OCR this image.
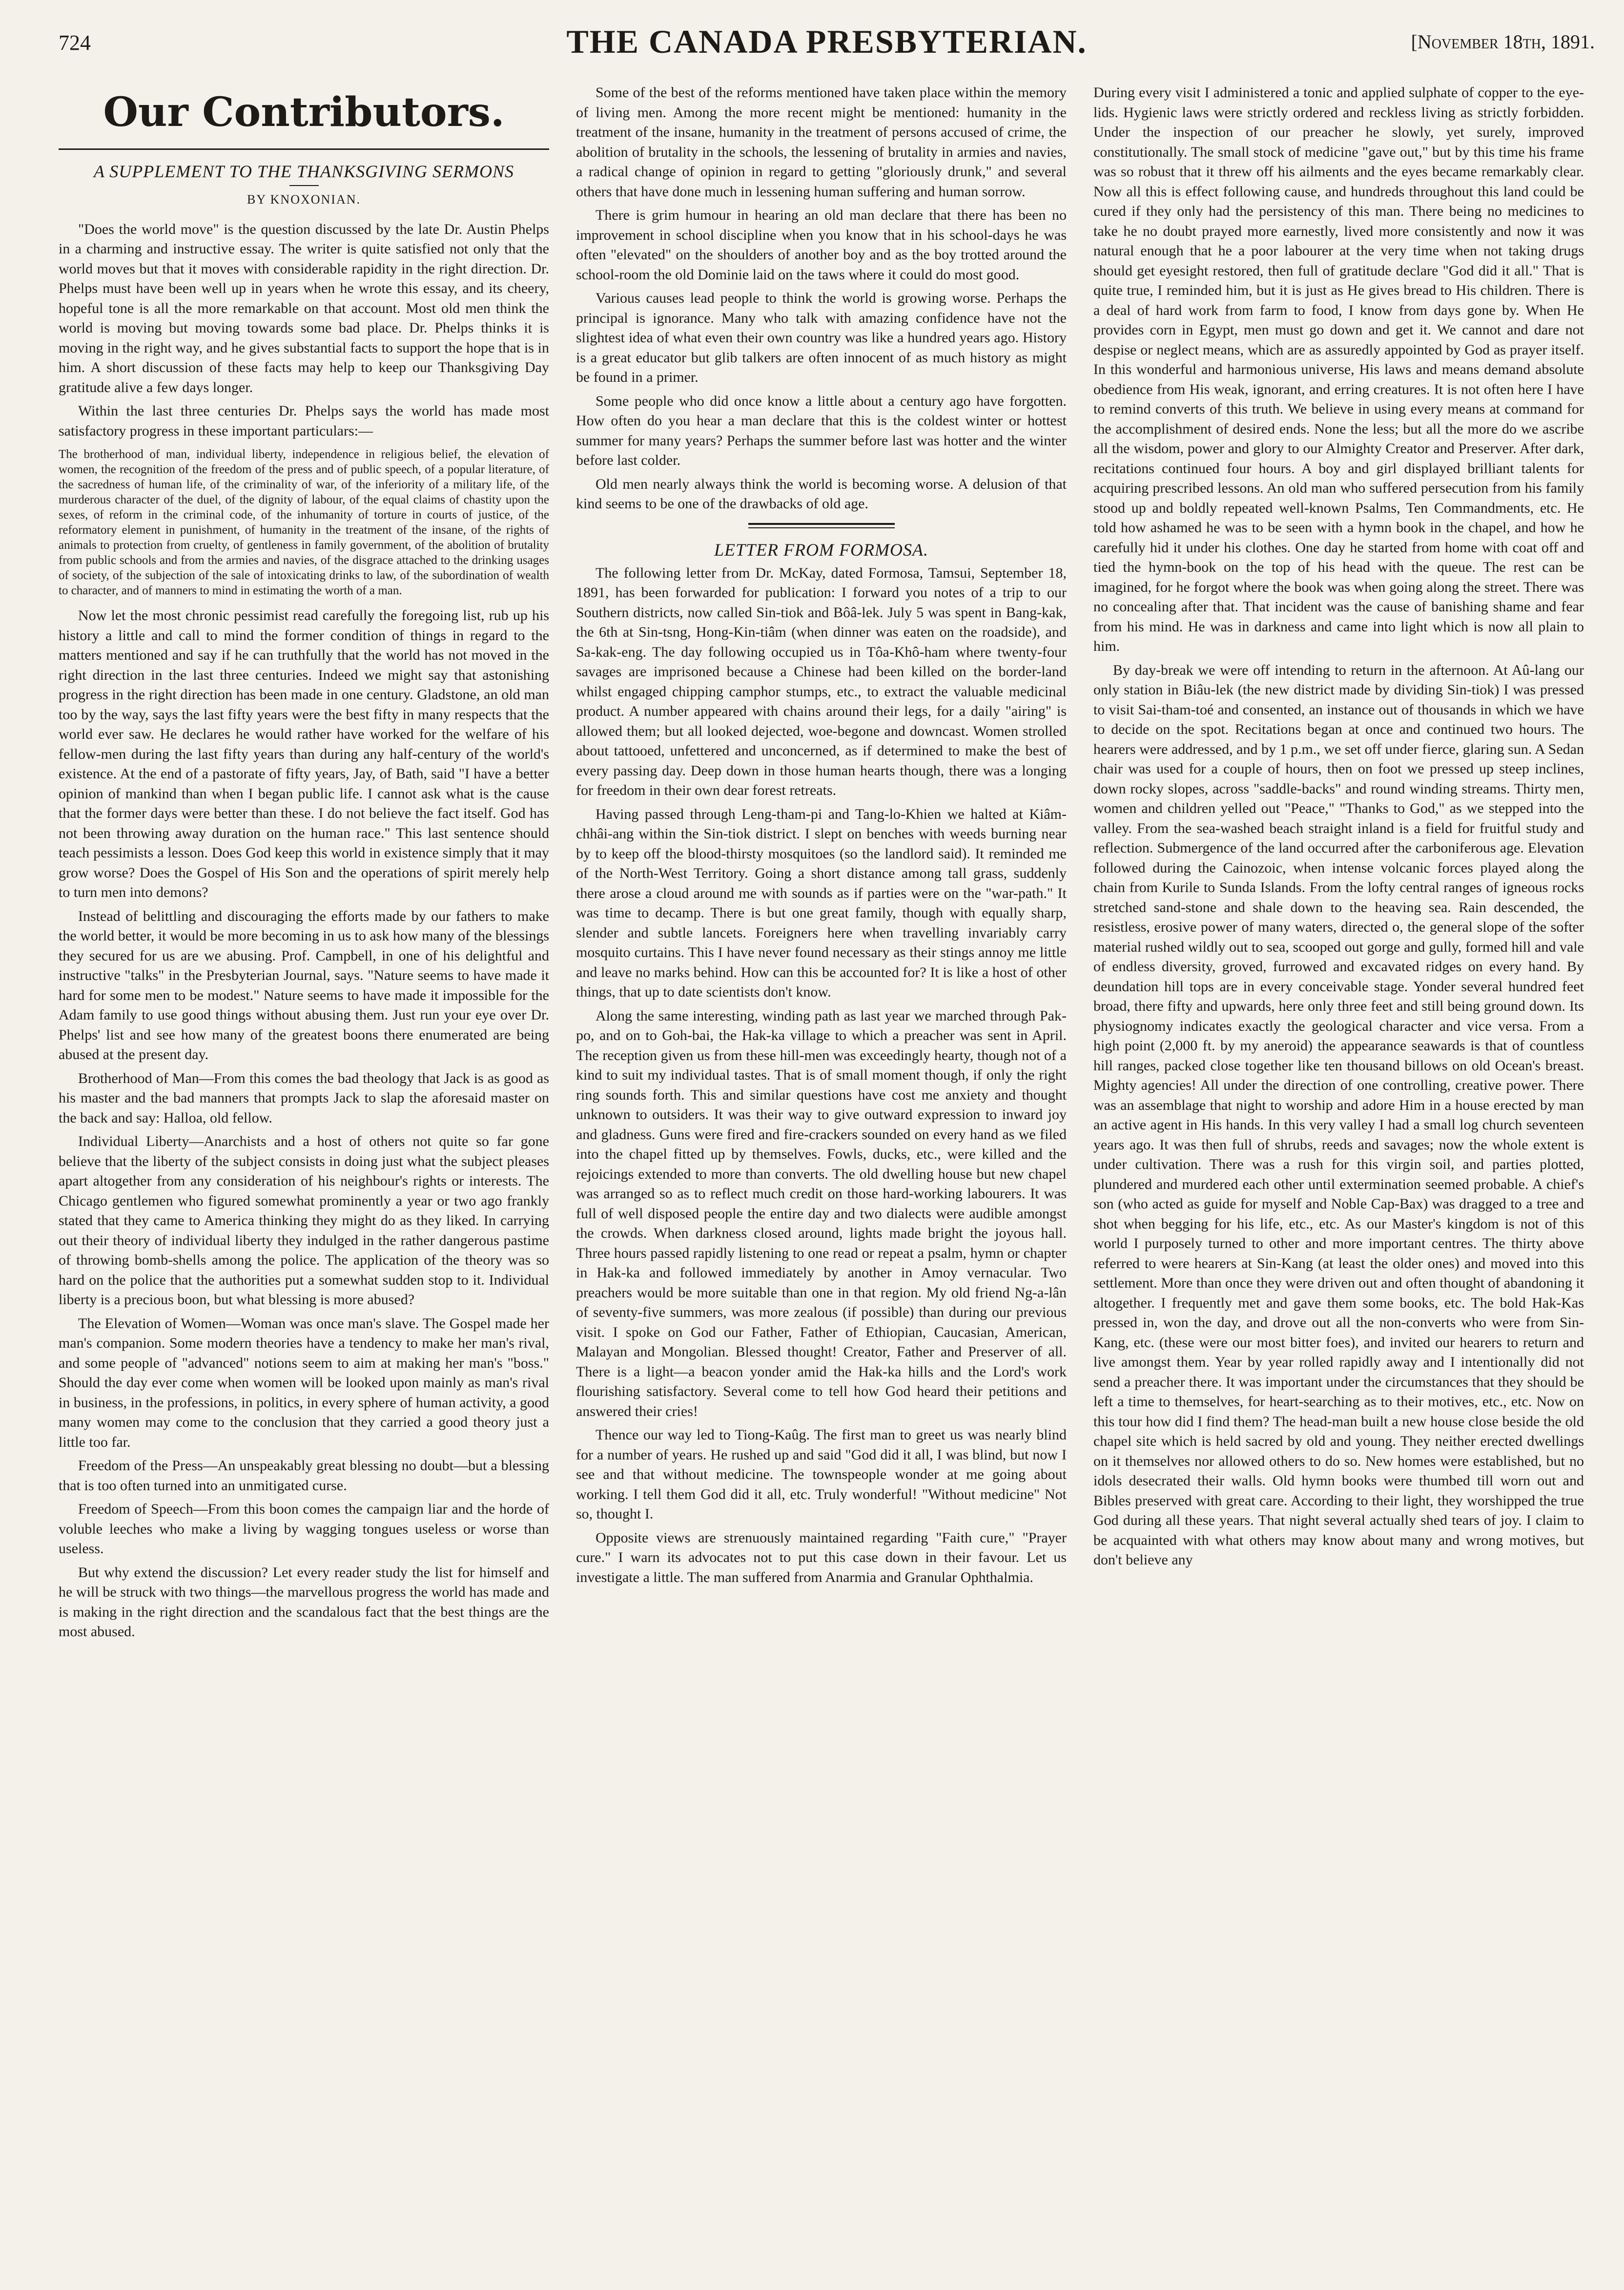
724	THE CANADA PRESBYTERIAN.	[November 18th, 1891.
Our Contributors.
A SUPPLEMENT TO THE THANKSGIVING SERMONS
BY KNOXONIAN.

"Does the world move" is the question discussed by the late Dr. Austin Phelps in a charming and instructive essay. The writer is quite satisfied not only that the world moves but that it moves with considerable rapidity in the right direction. Dr. Phelps must have been well up in years when he wrote this essay, and its cheery, hopeful tone is all the more remarkable on that account. Most old men think the world is moving but moving towards some bad place. Dr. Phelps thinks it is moving in the right way, and he gives substantial facts to support the hope that is in him. A short discussion of these facts may help to keep our Thanksgiving Day gratitude alive a few days longer.

Within the last three centuries Dr. Phelps says the world has made most satisfactory progress in these important particulars:—

The brotherhood of man, individual liberty, independence in religious belief, the elevation of women, the recognition of the freedom of the press and of public speech, of a popular literature, of the sacredness of human life, of the criminality of war, of the inferiority of a military life, of the murderous character of the duel, of the dignity of labour, of the equal claims of chastity upon the sexes, of reform in the criminal code, of the inhumanity of torture in courts of justice, of the reformatory element in punishment, of humanity in the treatment of the insane, of the rights of animals to protection from cruelty, of gentleness in family government, of the abolition of brutality from public schools and from the armies and navies, of the disgrace attached to the drinking usages of society, of the subjection of the sale of intoxicating drinks to law, of the subordination of wealth to character, and of manners to mind in estimating the worth of a man.

Now let the most chronic pessimist read carefully the foregoing list, rub up his history a little and call to mind the former condition of things in regard to the matters mentioned and say if he can truthfully that the world has not moved in the right direction in the last three centuries. Indeed we might say that astonishing progress in the right direction has been made in one century. Gladstone, an old man too by the way, says the last fifty years were the best fifty in many respects that the world ever saw. He declares he would rather have worked for the welfare of his fellow-men during the last fifty years than during any half-century of the world's existence. At the end of a pastorate of fifty years, Jay, of Bath, said "I have a better opinion of mankind than when I began public life. I cannot ask what is the cause that the former days were better than these. I do not believe the fact itself. God has not been throwing away duration on the human race." This last sentence should teach pessimists a lesson. Does God keep this world in existence simply that it may grow worse? Does the Gospel of His Son and the operations of spirit merely help to turn men into demons?

Instead of belittling and discouraging the efforts made by our fathers to make the world better, it would be more becoming in us to ask how many of the blessings they secured for us are we abusing. Prof. Campbell, in one of his delightful and instructive "talks" in the Presbyterian Journal, says. "Nature seems to have made it hard for some men to be modest." Nature seems to have made it impossible for the Adam family to use good things without abusing them. Just run your eye over Dr. Phelps' list and see how many of the greatest boons there enumerated are being abused at the present day.

Brotherhood of Man—From this comes the bad theology that Jack is as good as his master and the bad manners that prompts Jack to slap the aforesaid master on the back and say: Halloa, old fellow.

Individual Liberty—Anarchists and a host of others not quite so far gone believe that the liberty of the subject consists in doing just what the subject pleases apart altogether from any consideration of his neighbour's rights or interests. The Chicago gentlemen who figured somewhat prominently a year or two ago frankly stated that they came to America thinking they might do as they liked. In carrying out their theory of individual liberty they indulged in the rather dangerous pastime of throwing bomb-shells among the police. The application of the theory was so hard on the police that the authorities put a somewhat sudden stop to it. Individual liberty is a precious boon, but what blessing is more abused?

The Elevation of Women—Woman was once man's slave. The Gospel made her man's companion. Some modern theories have a tendency to make her man's rival, and some people of "advanced" notions seem to aim at making her man's "boss." Should the day ever come when women will be looked upon mainly as man's rival in business, in the professions, in politics, in every sphere of human activity, a good many women may come to the conclusion that they carried a good theory just a little too far.

Freedom of the Press—An unspeakably great blessing no doubt—but a blessing that is too often turned into an unmitigated curse.

Freedom of Speech—From this boon comes the campaign liar and the horde of voluble leeches who make a living by wagging tongues useless or worse than useless.

But why extend the discussion? Let every reader study the list for himself and he will be struck with two things—the marvellous progress the world has made and is making in the right direction and the scandalous fact that the best things are the most abused.

Some of the best of the reforms mentioned have taken place within the memory of living men. Among the more recent might be mentioned: humanity in the treatment of the insane, humanity in the treatment of persons accused of crime, the abolition of brutality in the schools, the lessening of brutality in armies and navies, a radical change of opinion in regard to getting "gloriously drunk," and several others that have done much in lessening human suffering and human sorrow.

There is grim humour in hearing an old man declare that there has been no improvement in school discipline when you know that in his school-days he was often "elevated" on the shoulders of another boy and as the boy trotted around the school-room the old Dominie laid on the taws where it could do most good.

Various causes lead people to think the world is growing worse. Perhaps the principal is ignorance. Many who talk with amazing confidence have not the slightest idea of what even their own country was like a hundred years ago. History is a great educator but glib talkers are often innocent of as much history as might be found in a primer.

Some people who did once know a little about a century ago have forgotten. How often do you hear a man declare that this is the coldest winter or hottest summer for many years? Perhaps the summer before last was hotter and the winter before last colder.

Old men nearly always think the world is becoming worse. A delusion of that kind seems to be one of the drawbacks of old age.

LETTER FROM FORMOSA.

The following letter from Dr. McKay, dated Formosa, Tamsui, September 18, 1891, has been forwarded for publication: I forward you notes of a trip to our Southern districts, now called Sin-tiok and Bôâ-lek. July 5 was spent in Bang-kak, the 6th at Sin-tsng, Hong-Kin-tiâm (when dinner was eaten on the roadside), and Sa-kak-eng. The day following occupied us in Tôa-Khô-ham where twenty-four savages are imprisoned because a Chinese had been killed on the border-land whilst engaged chipping camphor stumps, etc., to extract the valuable medicinal product. A number appeared with chains around their legs, for a daily "airing" is allowed them; but all looked dejected, woe-begone and downcast. Women strolled about tattooed, unfettered and unconcerned, as if determined to make the best of every passing day. Deep down in those human hearts though, there was a longing for freedom in their own dear forest retreats.

Having passed through Leng-tham-pi and Tang-lo-Khien we halted at Kiâm-chhâi-ang within the Sin-tiok district. I slept on benches with weeds burning near by to keep off the blood-thirsty mosquitoes (so the landlord said). It reminded me of the North-West Territory. Going a short distance among tall grass, suddenly there arose a cloud around me with sounds as if parties were on the "war-path." It was time to decamp. There is but one great family, though with equally sharp, slender and subtle lancets. Foreigners here when travelling invariably carry mosquito curtains. This I have never found necessary as their stings annoy me little and leave no marks behind. How can this be accounted for? It is like a host of other things, that up to date scientists don't know.

Along the same interesting, winding path as last year we marched through Pak-po, and on to Goh-bai, the Hak-ka village to which a preacher was sent in April. The reception given us from these hill-men was exceedingly hearty, though not of a kind to suit my individual tastes. That is of small moment though, if only the right ring sounds forth. This and similar questions have cost me anxiety and thought unknown to outsiders. It was their way to give outward expression to inward joy and gladness. Guns were fired and fire-crackers sounded on every hand as we filed into the chapel fitted up by themselves. Fowls, ducks, etc., were killed and the rejoicings extended to more than converts. The old dwelling house but new chapel was arranged so as to reflect much credit on those hard-working labourers. It was full of well disposed people the entire day and two dialects were audible amongst the crowds. When darkness closed around, lights made bright the joyous hall. Three hours passed rapidly listening to one read or repeat a psalm, hymn or chapter in Hak-ka and followed immediately by another in Amoy vernacular. Two preachers would be more suitable than one in that region. My old friend Ng-a-lân of seventy-five summers, was more zealous (if possible) than during our previous visit. I spoke on God our Father, Father of Ethiopian, Caucasian, American, Malayan and Mongolian. Blessed thought! Creator, Father and Preserver of all. There is a light—a beacon yonder amid the Hak-ka hills and the Lord's work flourishing satisfactory. Several come to tell how God heard their petitions and answered their cries!

Thence our way led to Tiong-Kaûg. The first man to greet us was nearly blind for a number of years. He rushed up and said "God did it all, I was blind, but now I see and that without medicine. The townspeople wonder at me going about working. I tell them God did it all, etc. Truly wonderful! "Without medicine" Not so, thought I.

Opposite views are strenuously maintained regarding "Faith cure," "Prayer cure." I warn its advocates not to put this case down in their favour. Let us investigate a little. The man suffered from Anarmia and Granular Ophthalmia.

During every visit I administered a tonic and applied sulphate of copper to the eye-lids. Hygienic laws were strictly ordered and reckless living as strictly forbidden. Under the inspection of our preacher he slowly, yet surely, improved constitutionally. The small stock of medicine "gave out," but by this time his frame was so robust that it threw off his ailments and the eyes became remarkably clear. Now all this is effect following cause, and hundreds throughout this land could be cured if they only had the persistency of this man. There being no medicines to take he no doubt prayed more earnestly, lived more consistently and now it was natural enough that he a poor labourer at the very time when not taking drugs should get eyesight restored, then full of gratitude declare "God did it all." That is quite true, I reminded him, but it is just as He gives bread to His children. There is a deal of hard work from farm to food, I know from days gone by. When He provides corn in Egypt, men must go down and get it. We cannot and dare not despise or neglect means, which are as assuredly appointed by God as prayer itself. In this wonderful and harmonious universe, His laws and means demand absolute obedience from His weak, ignorant, and erring creatures. It is not often here I have to remind converts of this truth. We believe in using every means at command for the accomplishment of desired ends. None the less; but all the more do we ascribe all the wisdom, power and glory to our Almighty Creator and Preserver. After dark, recitations continued four hours. A boy and girl displayed brilliant talents for acquiring prescribed lessons. An old man who suffered persecution from his family stood up and boldly repeated well-known Psalms, Ten Commandments, etc. He told how ashamed he was to be seen with a hymn book in the chapel, and how he carefully hid it under his clothes. One day he started from home with coat off and tied the hymn-book on the top of his head with the queue. The rest can be imagined, for he forgot where the book was when going along the street. There was no concealing after that. That incident was the cause of banishing shame and fear from his mind. He was in darkness and came into light which is now all plain to him.

By day-break we were off intending to return in the afternoon. At Aû-lang our only station in Biâu-lek (the new district made by dividing Sin-tiok) I was pressed to visit Sai-tham-toé and consented, an instance out of thousands in which we have to decide on the spot. Recitations began at once and continued two hours. The hearers were addressed, and by 1 p.m., we set off under fierce, glaring sun. A Sedan chair was used for a couple of hours, then on foot we pressed up steep inclines, down rocky slopes, across "saddle-backs" and round winding streams. Thirty men, women and children yelled out "Peace," "Thanks to God," as we stepped into the valley. From the sea-washed beach straight inland is a field for fruitful study and reflection. Submergence of the land occurred after the carboniferous age. Elevation followed during the Cainozoic, when intense volcanic forces played along the chain from Kurile to Sunda Islands. From the lofty central ranges of igneous rocks stretched sand-stone and shale down to the heaving sea. Rain descended, the resistless, erosive power of many waters, directed o, the general slope of the softer material rushed wildly out to sea, scooped out gorge and gully, formed hill and vale of endless diversity, groved, furrowed and excavated ridges on every hand. By deundation hill tops are in every conceivable stage. Yonder several hundred feet broad, there fifty and upwards, here only three feet and still being ground down. Its physiognomy indicates exactly the geological character and vice versa. From a high point (2,000 ft. by my aneroid) the appearance seawards is that of countless hill ranges, packed close together like ten thousand billows on old Ocean's breast. Mighty agencies! All under the direction of one controlling, creative power. There was an assemblage that night to worship and adore Him in a house erected by man an active agent in His hands. In this very valley I had a small log church seventeen years ago. It was then full of shrubs, reeds and savages; now the whole extent is under cultivation. There was a rush for this virgin soil, and parties plotted, plundered and murdered each other until extermination seemed probable. A chief's son (who acted as guide for myself and Noble Cap-Bax) was dragged to a tree and shot when begging for his life, etc., etc. As our Master's kingdom is not of this world I purposely turned to other and more important centres. The thirty above referred to were hearers at Sin-Kang (at least the older ones) and moved into this settlement. More than once they were driven out and often thought of abandoning it altogether. I frequently met and gave them some books, etc. The bold Hak-Kas pressed in, won the day, and drove out all the non-converts who were from Sin-Kang, etc. (these were our most bitter foes), and invited our hearers to return and live amongst them. Year by year rolled rapidly away and I intentionally did not send a preacher there. It was important under the circumstances that they should be left a time to themselves, for heart-searching as to their motives, etc., etc. Now on this tour how did I find them? The head-man built a new house close beside the old chapel site which is held sacred by old and young. They neither erected dwellings on it themselves nor allowed others to do so. New homes were established, but no idols desecrated their walls. Old hymn books were thumbed till worn out and Bibles preserved with great care. According to their light, they worshipped the true God during all these years. That night several actually shed tears of joy. I claim to be acquainted with what others may know about many and wrong motives, but don't believe any
